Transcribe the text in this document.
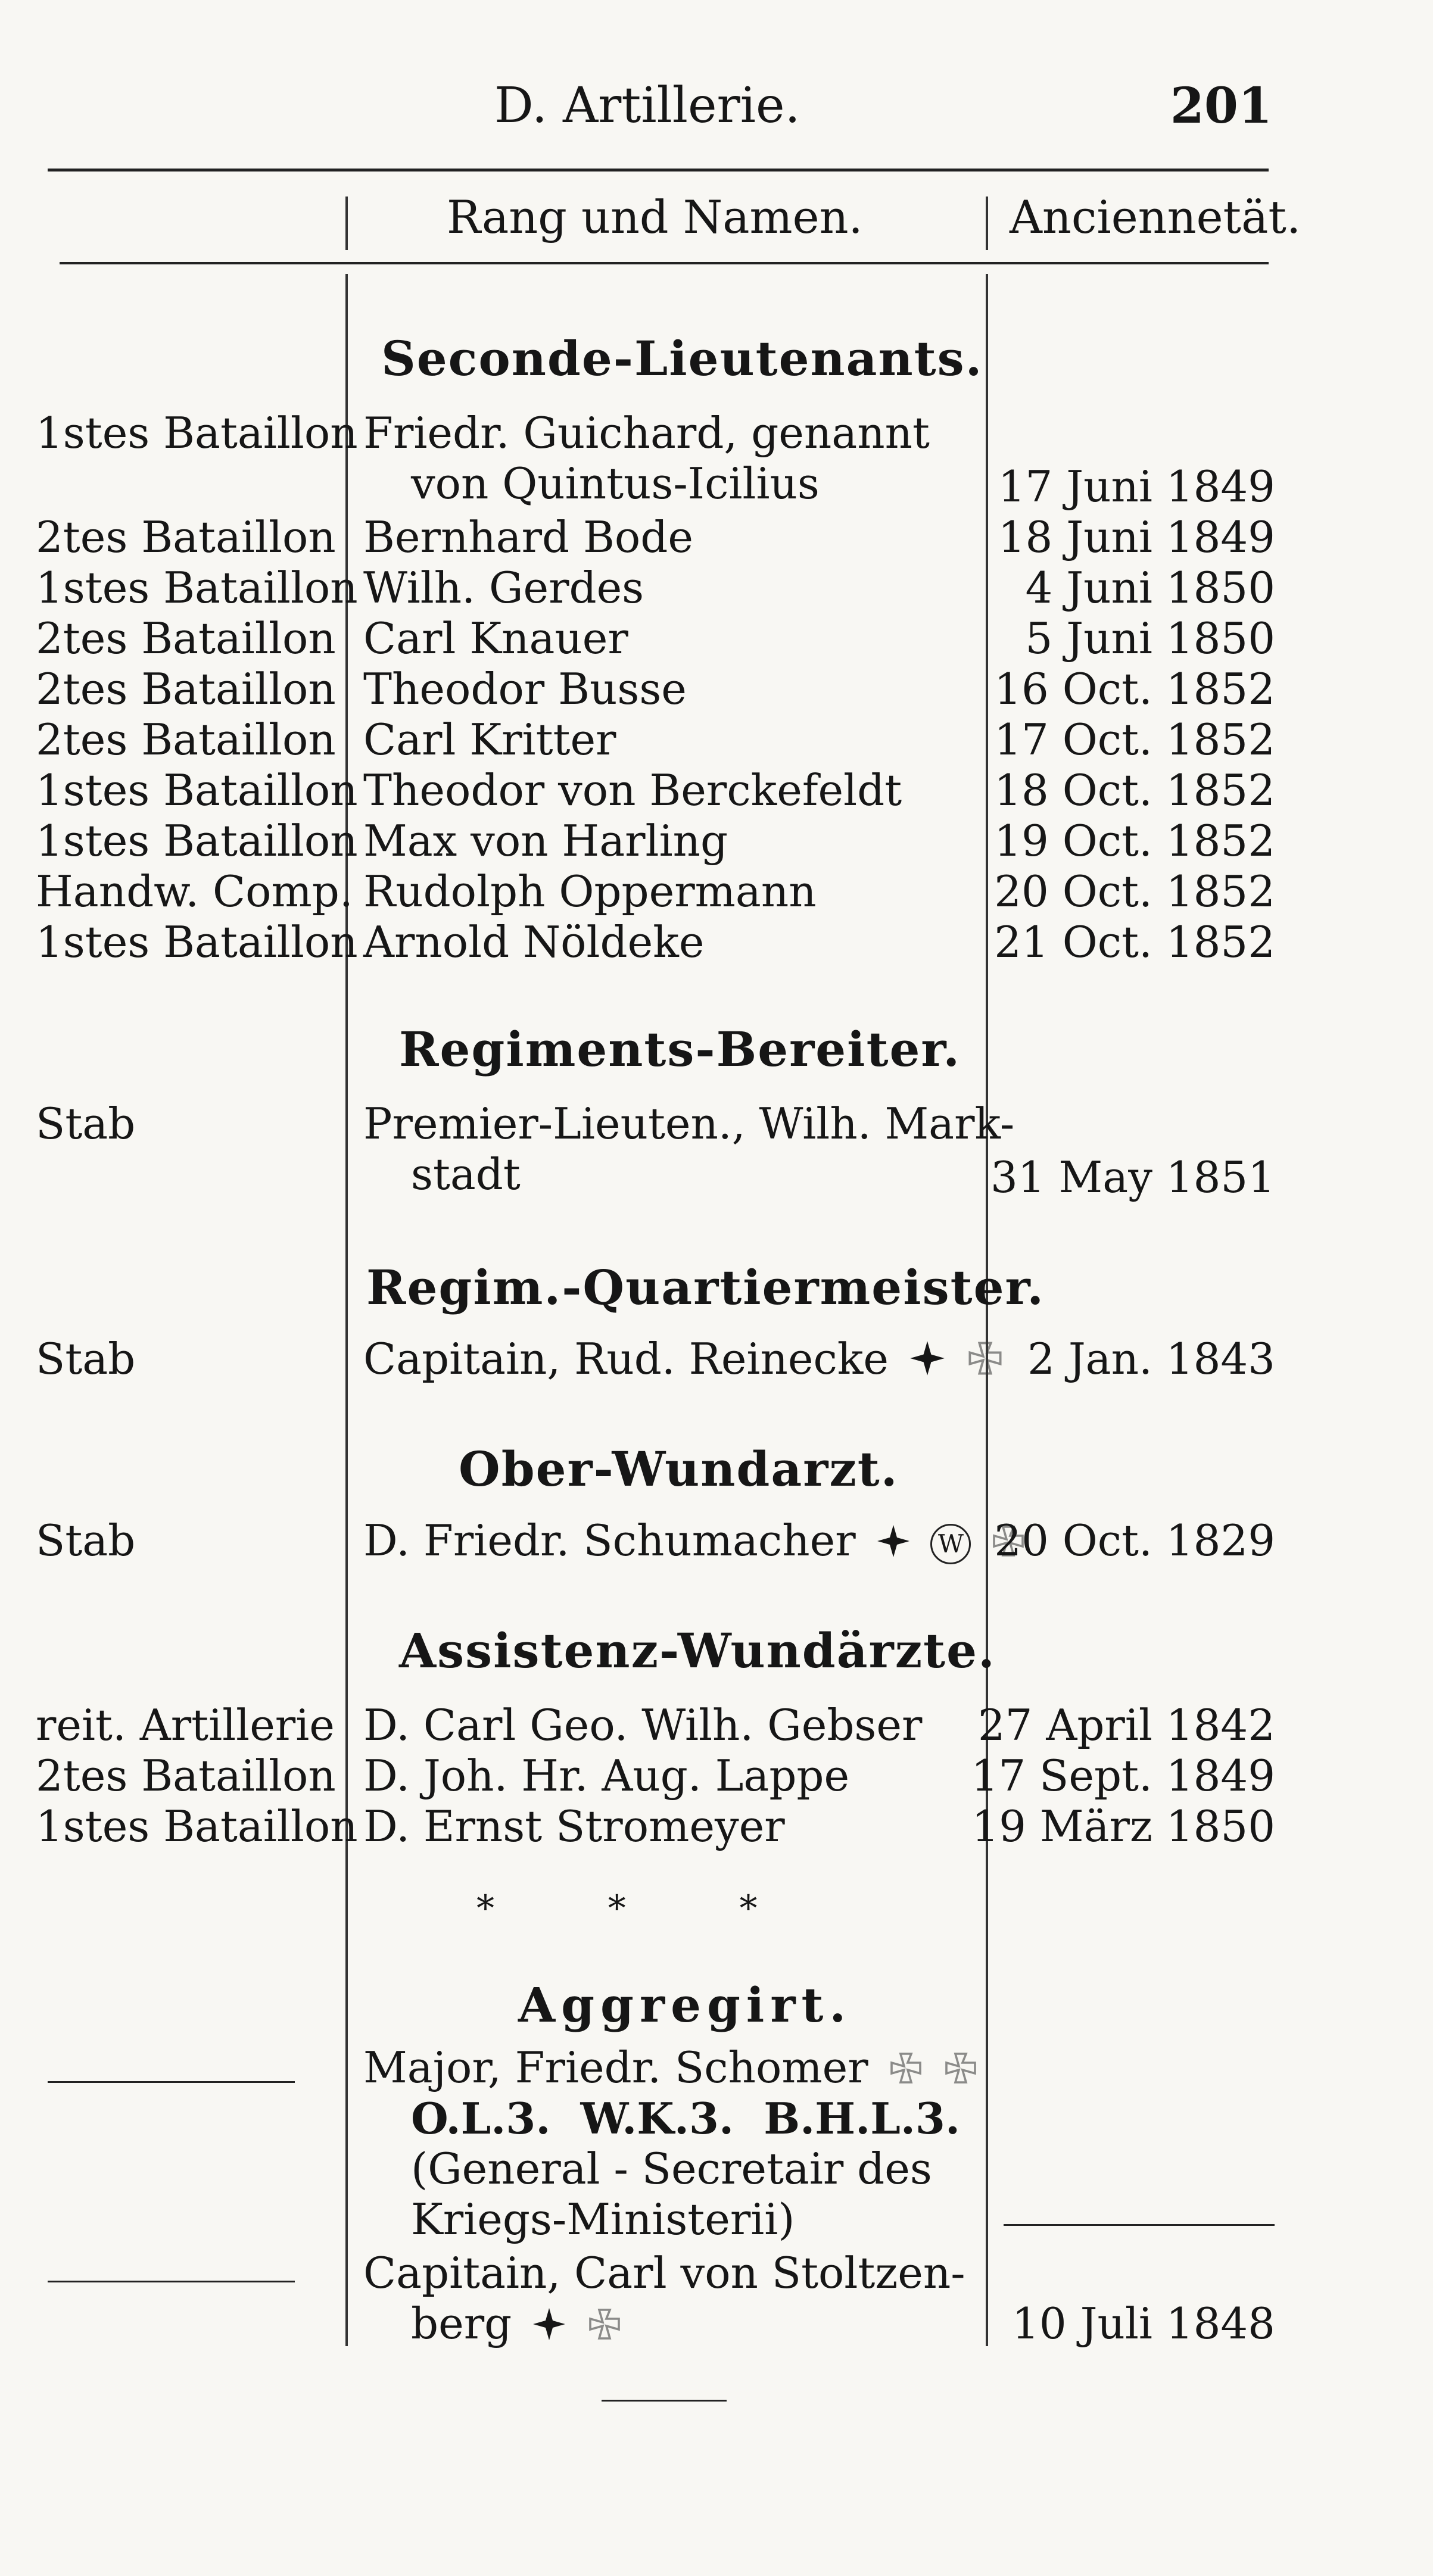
D. Artillerie.	201
Rang und Namen.	Anciennetät.
Seconde-Lieutenants.
1stes Bataillon Friedr. Guichard, genannt
von Quintus-Icilius	17 Juni 1849
2tes Bataillon Bernhard Bode	18 Juni 1849
1stes Bataillon Wilh. Gerdes	4 Juni 1850
2tes Bataillon Carl Knauer	5 Juni 1850
2tes Bataillon Theodor Busse	16 Oct. 1852
2tes Bataillon Carl Kritter	17 Oct. 1852
1stes Bataillon Theodor von Berckefeldt 18 Oct. 1852
1stes Bataillon Max von Harling	19 Oct. 1852
Handw. Comp. Rudolph Oppermann	20 Oct. 1852
1stes Bataillon Arnold Nöldeke	21 Oct. 1852
Regiments-Bereiter.
Stab	Premier-Lieuten., Wilh. Mark-
stadt	31 May 1851
Regim.-Quartiermeister.
Stab	Capitain, Rud. Reinecke	2 Jan. 1843
Ober-Wundarzt.
Stab	D. Friedr. Schumacher	W 20 Oct. 1829
Assistenz-Wundärzte.
reit. Artillerie D. Carl Geo. Wilh. Gebser 27 April 1842
2tes Bataillon D. Joh. Hr. Aug. Lappe	17 Sept. 1849
1stes Bataillon D. Ernst Stromeyer	19 März 1850
*          *          *
Aggregirt.
Major, Friedr. Schomer
O.L.3.  W.K.3.  B.H.L.3.
(General - Secretair des
Kriegs-Ministerii)
Capitain, Carl von Stoltzen-
berg	10 Juli 1848
